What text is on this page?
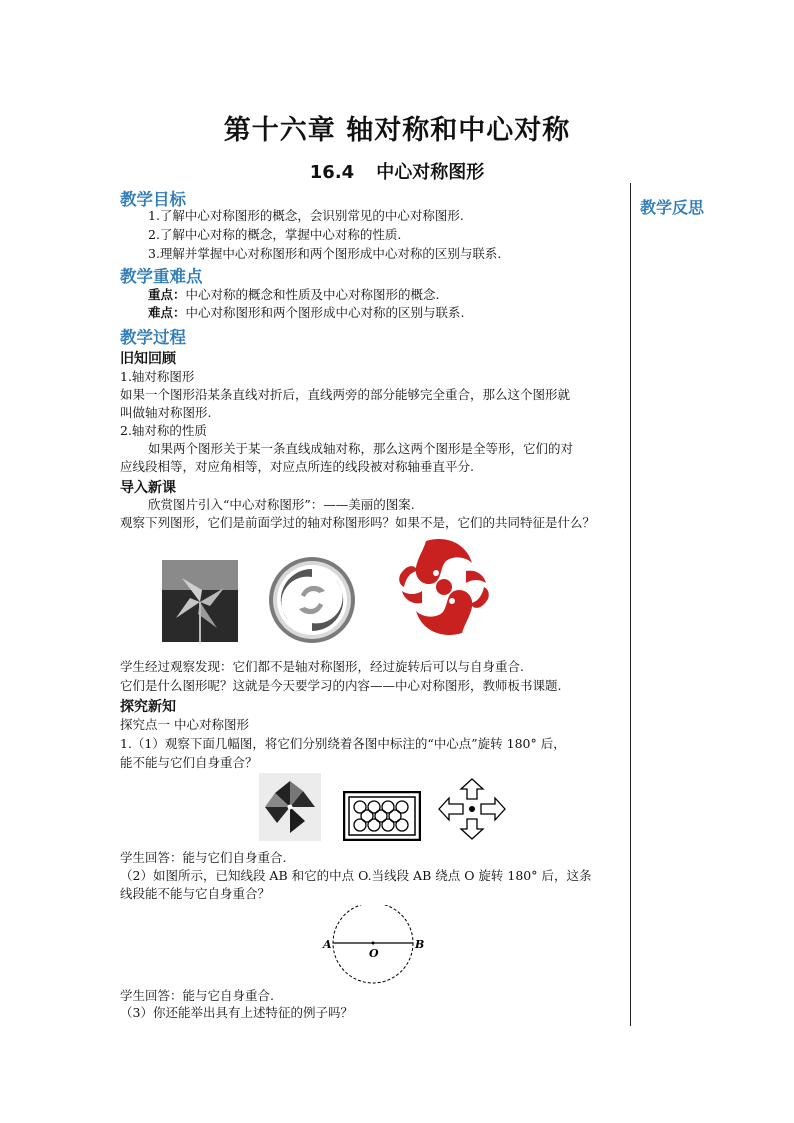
第十六章 轴对称和中心对称
16.4 中心对称图形
教学反思
教学目标
1.了解中心对称图形的概念，会识别常见的中心对称图形.
2.了解中心对称的概念，掌握中心对称的性质.
3.理解并掌握中心对称图形和两个图形成中心对称的区别与联系.
教学重难点
重点：中心对称的概念和性质及中心对称图形的概念.
难点：中心对称图形和两个图形成中心对称的区别与联系.
教学过程
旧知回顾
1.轴对称图形
如果一个图形沿某条直线对折后，直线两旁的部分能够完全重合，那么这个图形就
叫做轴对称图形.
2.轴对称的性质
如果两个图形关于某一条直线成轴对称，那么这两个图形是全等形，它们的对
应线段相等，对应角相等，对应点所连的线段被对称轴垂直平分.
导入新课
欣赏图片引入“中心对称图形”：——美丽的图案.
观察下列图形，它们是前面学过的轴对称图形吗？如果不是，它们的共同特征是什么？
学生经过观察发现：它们都不是轴对称图形，经过旋转后可以与自身重合.
它们是什么图形呢？这就是今天要学习的内容——中心对称图形，教师板书课题.
探究新知
探究点一 中心对称图形
1.（1）观察下面几幅图，将它们分别绕着各图中标注的“中心点”旋转 180° 后，
能不能与它们自身重合？
学生回答：能与它们自身重合.
（2）如图所示，已知线段 AB 和它的中点 O.当线段 AB 绕点 O 旋转 180° 后，这条
线段能不能与它自身重合？
A
O
B
学生回答：能与它自身重合.
（3）你还能举出具有上述特征的例子吗？
